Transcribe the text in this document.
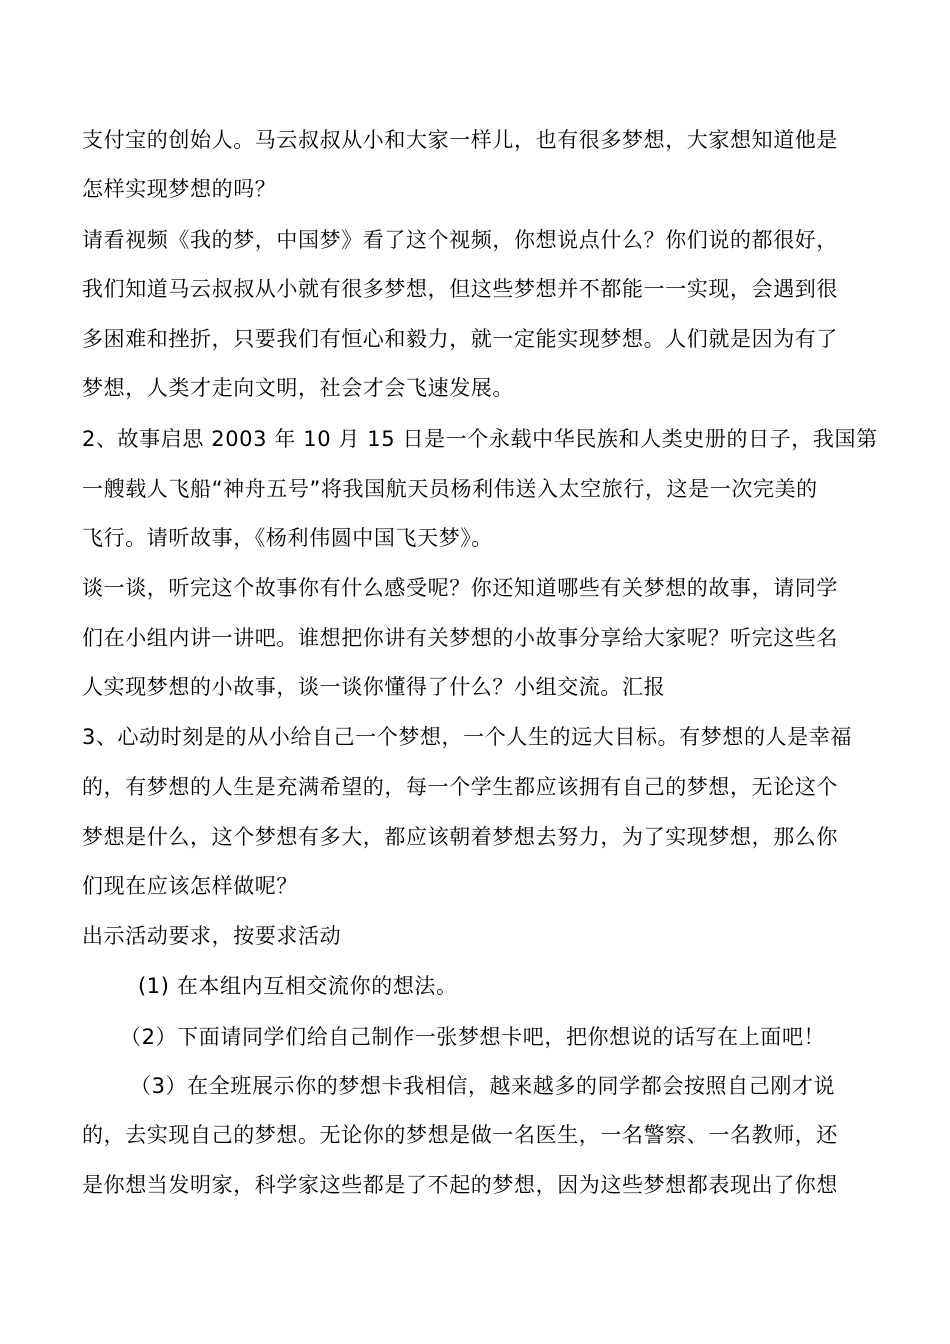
支付宝的创始人。马云叔叔从小和大家一样儿，也有很多梦想，大家想知道他是
怎样实现梦想的吗？
请看视频《我的梦，中国梦》看了这个视频，你想说点什么？你们说的都很好，
我们知道马云叔叔从小就有很多梦想，但这些梦想并不都能一一实现，会遇到很
多困难和挫折，只要我们有恒心和毅力，就一定能实现梦想。人们就是因为有了
梦想，人类才走向文明，社会才会飞速发展。
2、故事启思 2003 年 10 月 15 日是一个永载中华民族和人类史册的日子，我国第
一艘载人飞船“神舟五号”将我国航天员杨利伟送入太空旅行，这是一次完美的
飞行。请听故事，《杨利伟圆中国飞天梦》。
谈一谈，听完这个故事你有什么感受呢？你还知道哪些有关梦想的故事，请同学
们在小组内讲一讲吧。谁想把你讲有关梦想的小故事分享给大家呢？听完这些名
人实现梦想的小故事，谈一谈你懂得了什么？小组交流。汇报
3、心动时刻是的从小给自己一个梦想，一个人生的远大目标。有梦想的人是幸福
的，有梦想的人生是充满希望的，每一个学生都应该拥有自己的梦想，无论这个
梦想是什么，这个梦想有多大，都应该朝着梦想去努力，为了实现梦想，那么你
们现在应该怎样做呢？
出示活动要求，按要求活动
(1) 在本组内互相交流你的想法。
（2）下面请同学们给自己制作一张梦想卡吧，把你想说的话写在上面吧！
（3）在全班展示你的梦想卡我相信，越来越多的同学都会按照自己刚才说
的，去实现自己的梦想。无论你的梦想是做一名医生，一名警察、一名教师，还
是你想当发明家，科学家这些都是了不起的梦想，因为这些梦想都表现出了你想
